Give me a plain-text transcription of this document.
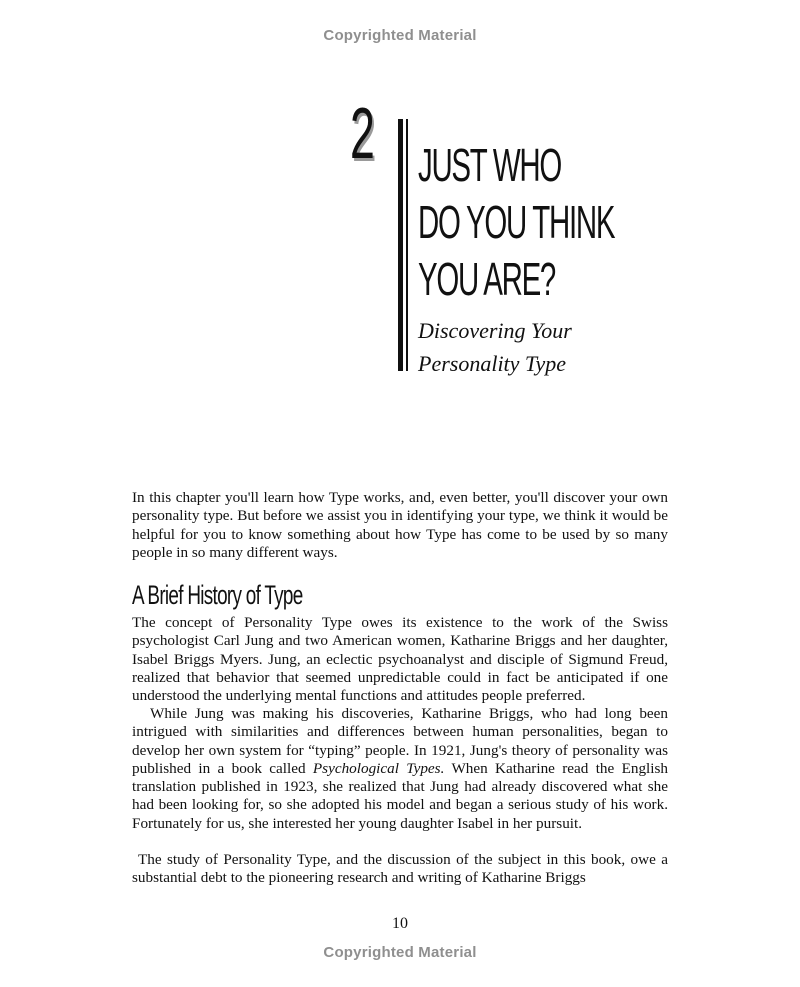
Copyrighted Material
2 JUST WHO
DO YOU THINK
YOU ARE?
Discovering Your
Personality Type

In this chapter you'll learn how Type works, and, even better, you'll discover your own personality type. But before we assist you in identifying your type, we think it would be helpful for you to know something about how Type has come to be used by so many people in so many different ways.

A Brief History of Type

The concept of Personality Type owes its existence to the work of the Swiss psychologist Carl Jung and two American women, Katharine Briggs and her daughter, Isabel Briggs Myers. Jung, an eclectic psychoanalyst and disciple of Sigmund Freud, realized that behavior that seemed unpredictable could in fact be anticipated if one understood the underlying mental functions and attitudes people preferred.

While Jung was making his discoveries, Katharine Briggs, who had long been intrigued with similarities and differences between human personalities, began to develop her own system for “typing” people. In 1921, Jung's theory of personality was published in a book called Psychological Types. When Katharine read the English translation published in 1923, she realized that Jung had already discovered what she had been looking for, so she adopted his model and began a serious study of his work. Fortunately for us, she interested her young daughter Isabel in her pursuit.

The study of Personality Type, and the discussion of the subject in this book, owe a substantial debt to the pioneering research and writing of Katharine Briggs

10
Copyrighted Material
